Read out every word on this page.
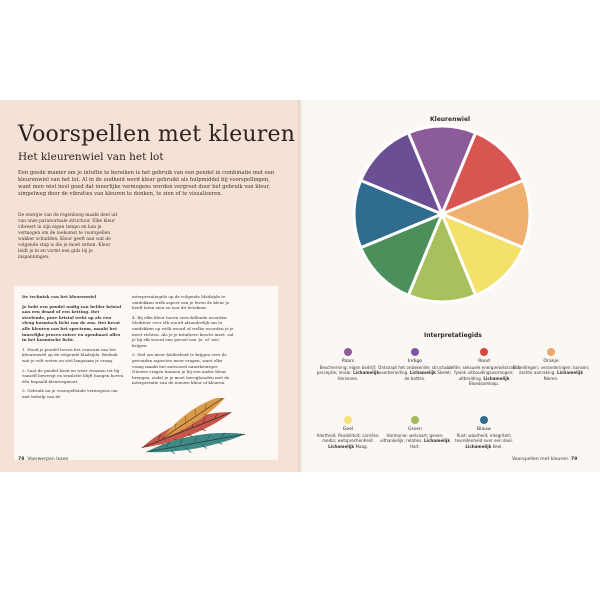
Voorspellen met kleuren
Het kleurenwiel van het lot
Een goede manier om je intuïtie te bereiken is het gebruik van een pendel in combinatie met een kleurenwiel van het lot. Al in de oudheid werd kleur gebruikt als hulpmiddel bij voorspellingen, want men wist heel goed dat innerlijke vermogens worden vergroot door het gebruik van kleur, simpelweg door de vibraties van kleuren te denken, te zien of te visualiseren.
De energie van de regenboog maakt deel uit van onze paranormale structuur. Elke kleur vibreert in zijn eigen tempo en kan je vermogen om de toekomst te voorspellen wakker schudden. Kleur geeft aan wat de volgende stap is die je moet zetten. Kleur leidt je in en vormt een gids bij je inspanningen.

De techniek van het kleurenwiel

Je hebt een pendel nodig van helder kristal aan een draad of een ketting. Het steelende, pure kristal trekt op als een vleug kosmisch licht van de zon. Het bevat alle kleuren van het spectrum, maakt het innerlijke proces zuiver en openbaart alles in het kosmische licht.

1. Houd je pendel boven het centrum van het kleurenwiel op de volgende bladzijde. Bedenk wat je wilt weten en stel langzaam je vraag.

2. Laat de pendel heen en weer zwaaien tot hij vanzelf beweegt en tenslotte blijft hangen boven één bepaald kleursegment.

3. Gebruik nu je voorspellende vermogens om met behulp van de

interpretatiegids op de volgende bladzijde te ontdekken welk aspect van je leven de kleur je heeft laten zien en wat dit betekent.

4. Bij elke kleur horen verschillende woorden. Mediteer over elk woord afzonderlijk om te ontdekken op welk woord of welke woorden je je moet richten. Als je je intuïtieve kracht inzet, zul je bij elk woord een gevoel van 'ja' of 'nee' krijgen.

5. Stel om meer helderheid te krijgen over de gevonden aspecten meer vragen, want elke vraag maakt het antwoord nauwkeuriger. Nieuwe vragen kunnen je bij een ander kleur brengen, zodat je je moet herogbouden met de interpretatie van de nieuwe kleur of kleuren.

78 Voorwerpen lezen
Kleurenwiel
Interpretatiegids
Paars
Bescherming; eigen bedrijf; perceptie; leraar. Lichamelijk Hersenen.
Indigo
Ontsnapt het onbekende; structuur; voorbereiding. Lichamelijk Skelet; de botten.
Rood
Liefde; seksuele energie/wilskracht; fysiek uithoudingsvermogen; uitbreiding. Lichamelijk Bloedsomloop.
Oranje
Scheidingen; veranderingen; kansen; zachte aanraking. Lichamelijk Nieren.
Geel
Alertheid; flexibiliteit; carrière; media; wetsprechenheid. Lichamelijk Maag.
Groen
Harmonie; welvaart; geven; uithankelijk; relaties. Lichamelijk Hart.
Blauw
Rust; waarheid; integriteit; tevredenheid over een doel. Lichamelijk Keel.
Voorspellen met kleuren 79
